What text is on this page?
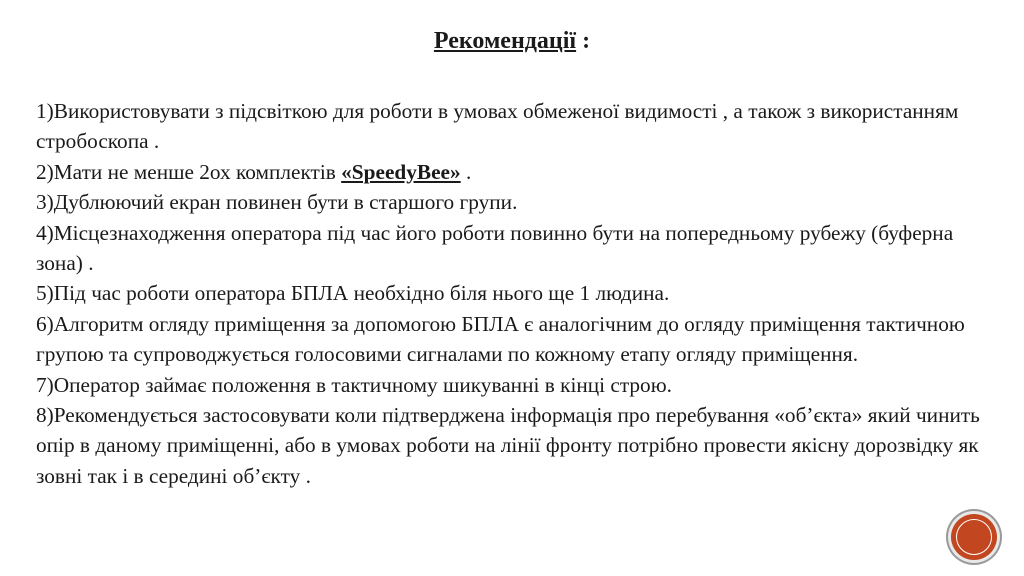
Рекомендації :

1)Використовувати з підсвіткою для роботи в умовах обмеженої видимості , а також з використанням стробоскопа .

2)Мати не менше 2ох комплектів «SpeedyBee» .

3)Дублюючий екран повинен бути в старшого групи.

4)Місцезнаходження оператора під час його роботи повинно бути на попередньому рубежу (буферна зона) .

5)Під час роботи оператора БПЛА необхідно біля нього ще 1 людина.

6)Алгоритм огляду приміщення за допомогою БПЛА є аналогічним до огляду приміщення тактичною групою та супроводжується голосовими сигналами по кожному етапу огляду приміщення.

7)Оператор займає положення в тактичному шикуванні в кінці строю.

8)Рекомендується застосовувати коли підтверджена інформація про перебування «об’єкта» який чинить опір в даному приміщенні, або в умовах роботи на лінії фронту потрібно провести якісну дорозвідку як зовні так і в середині об’єкту .
